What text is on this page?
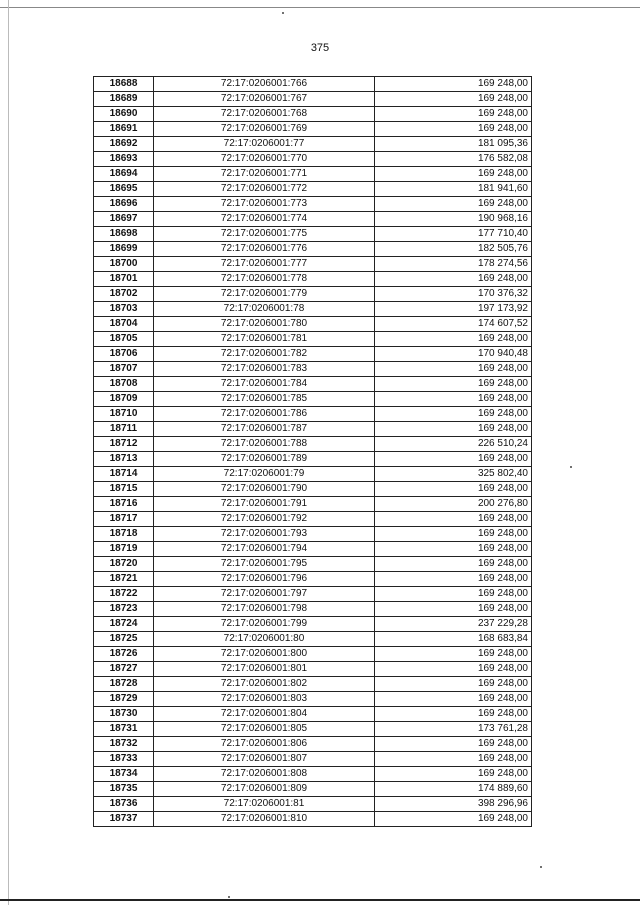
375
18688	72:17:0206001:766	169 248,00
18689	72:17:0206001:767	169 248,00
18690	72:17:0206001:768	169 248,00
18691	72:17:0206001:769	169 248,00
18692	72:17:0206001:77	181 095,36
18693	72:17:0206001:770	176 582,08
18694	72:17:0206001:771	169 248,00
18695	72:17:0206001:772	181 941,60
18696	72:17:0206001:773	169 248,00
18697	72:17:0206001:774	190 968,16
18698	72:17:0206001:775	177 710,40
18699	72:17:0206001:776	182 505,76
18700	72:17:0206001:777	178 274,56
18701	72:17:0206001:778	169 248,00
18702	72:17:0206001:779	170 376,32
18703	72:17:0206001:78	197 173,92
18704	72:17:0206001:780	174 607,52
18705	72:17:0206001:781	169 248,00
18706	72:17:0206001:782	170 940,48
18707	72:17:0206001:783	169 248,00
18708	72:17:0206001:784	169 248,00
18709	72:17:0206001:785	169 248,00
18710	72:17:0206001:786	169 248,00
18711	72:17:0206001:787	169 248,00
18712	72:17:0206001:788	226 510,24
18713	72:17:0206001:789	169 248,00
18714	72:17:0206001:79	325 802,40
18715	72:17:0206001:790	169 248,00
18716	72:17:0206001:791	200 276,80
18717	72:17:0206001:792	169 248,00
18718	72:17:0206001:793	169 248,00
18719	72:17:0206001:794	169 248,00
18720	72:17:0206001:795	169 248,00
18721	72:17:0206001:796	169 248,00
18722	72:17:0206001:797	169 248,00
18723	72:17:0206001:798	169 248,00
18724	72:17:0206001:799	237 229,28
18725	72:17:0206001:80	168 683,84
18726	72:17:0206001:800	169 248,00
18727	72:17:0206001:801	169 248,00
18728	72:17:0206001:802	169 248,00
18729	72:17:0206001:803	169 248,00
18730	72:17:0206001:804	169 248,00
18731	72:17:0206001:805	173 761,28
18732	72:17:0206001:806	169 248,00
18733	72:17:0206001:807	169 248,00
18734	72:17:0206001:808	169 248,00
18735	72:17:0206001:809	174 889,60
18736	72:17:0206001:81	398 296,96
18737	72:17:0206001:810	169 248,00
